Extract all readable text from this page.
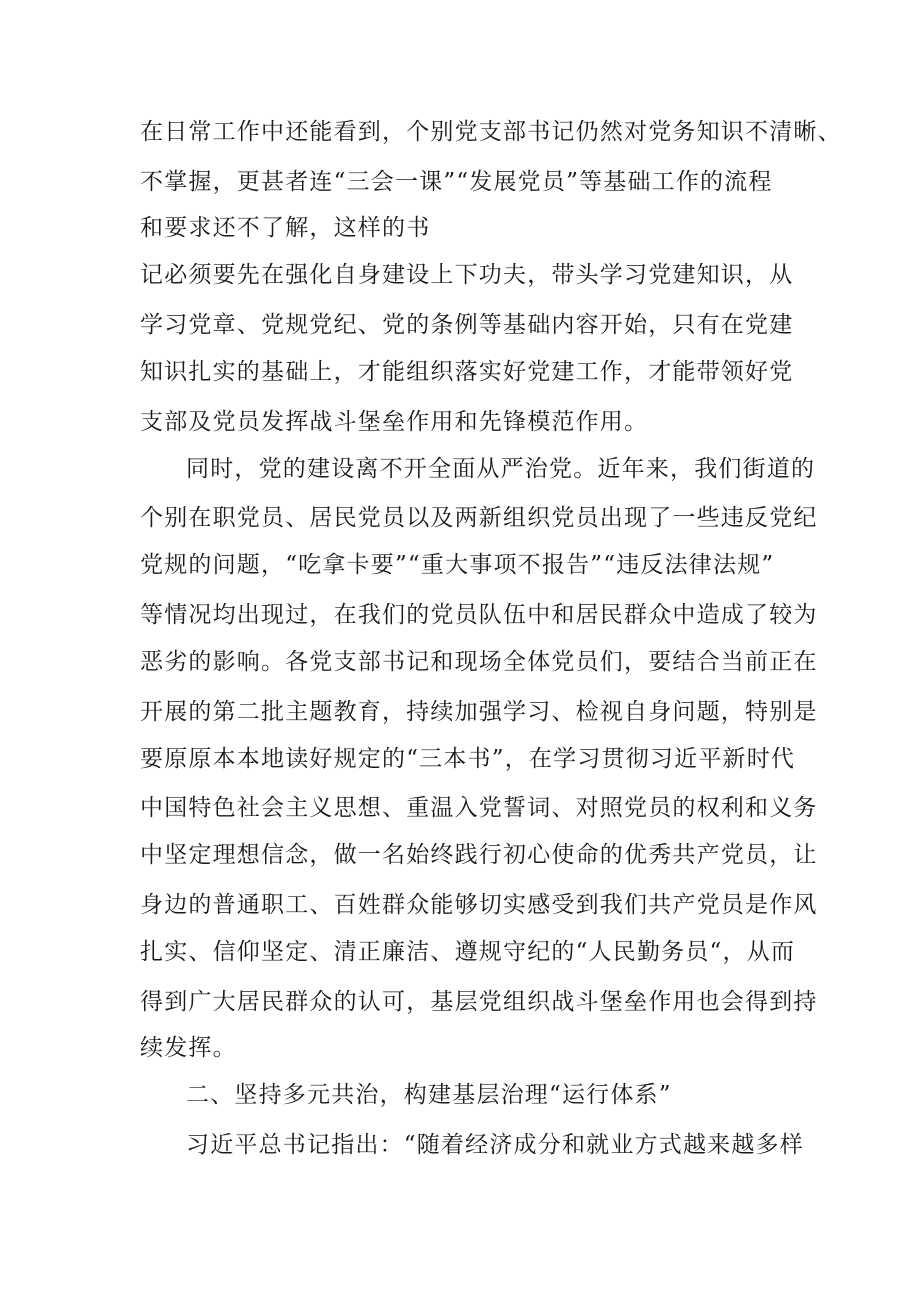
在日常工作中还能看到，个别党支部书记仍然对党务知识不清晰、
不掌握，更甚者连“三会一课”“发展党员”等基础工作的流程
和要求还不了解，这样的书
记必须要先在强化自身建设上下功夫，带头学习党建知识，从
学习党章、党规党纪、党的条例等基础内容开始，只有在党建
知识扎实的基础上，才能组织落实好党建工作，才能带领好党
支部及党员发挥战斗堡垒作用和先锋模范作用。
同时，党的建设离不开全面从严治党。近年来，我们街道的
个别在职党员、居民党员以及两新组织党员出现了一些违反党纪
党规的问题，“吃拿卡要”“重大事项不报告”“违反法律法规”
等情况均出现过，在我们的党员队伍中和居民群众中造成了较为
恶劣的影响。各党支部书记和现场全体党员们，要结合当前正在
开展的第二批主题教育，持续加强学习、检视自身问题，特别是
要原原本本地读好规定的“三本书”，在学习贯彻习近平新时代
中国特色社会主义思想、重温入党誓词、对照党员的权利和义务
中坚定理想信念，做一名始终践行初心使命的优秀共产党员，让
身边的普通职工、百姓群众能够切实感受到我们共产党员是作风
扎实、信仰坚定、清正廉洁、遵规守纪的“人民勤务员“，从而
得到广大居民群众的认可，基层党组织战斗堡垒作用也会得到持
续发挥。
二、坚持多元共治，构建基层治理“运行体系”
习近平总书记指出：“随着经济成分和就业方式越来越多样
